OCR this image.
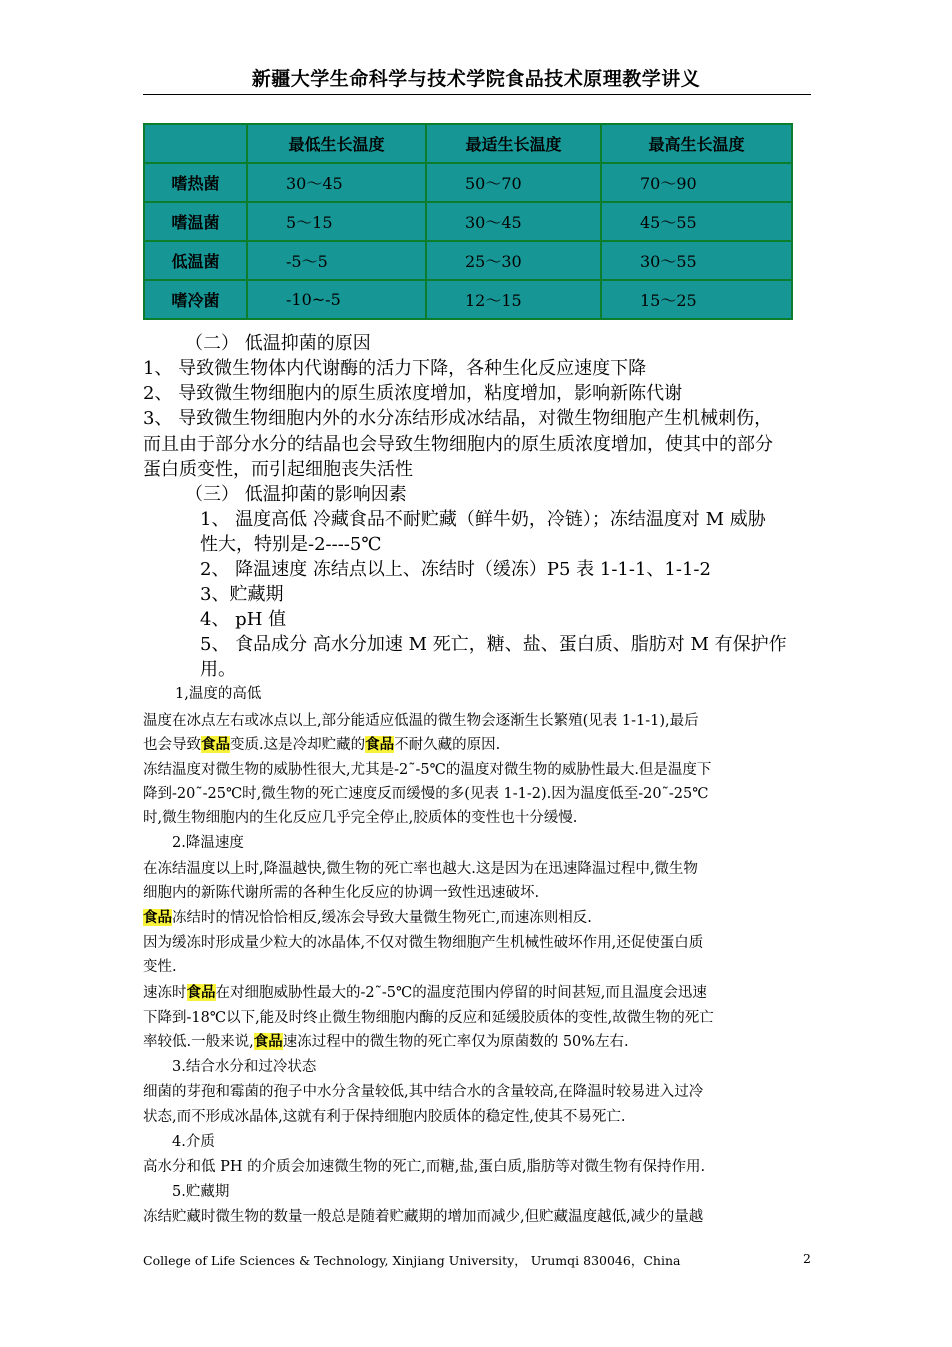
新疆大学生命科学与技术学院食品技术原理教学讲义
	最低生长温度	最适生长温度	最高生长温度
嗜热菌	30～45	50～70	70～90
嗜温菌	5～15	30～45	45～55
低温菌	-5～5	25～30	30～55
嗜冷菌	-10~-5	12～15	15～25
（二） 低温抑菌的原因
1、 导致微生物体内代谢酶的活力下降，各种生化反应速度下降
2、 导致微生物细胞内的原生质浓度增加，粘度增加，影响新陈代谢
3、 导致微生物细胞内外的水分冻结形成冰结晶，对微生物细胞产生机械刺伤，
而且由于部分水分的结晶也会导致生物细胞内的原生质浓度增加，使其中的部分
蛋白质变性，而引起细胞丧失活性
（三） 低温抑菌的影响因素
1、 温度高低 冷藏食品不耐贮藏（鲜牛奶，冷链）；冻结温度对 M 威胁
性大，特别是-2----5℃
2、 降温速度 冻结点以上、冻结时（缓冻）P5 表 1-1-1、1-1-2
3、贮藏期
4、 pH 值
5、 食品成分 高水分加速 M 死亡，糖、盐、蛋白质、脂肪对 M 有保护作
用。
1,温度的高低
温度在冰点左右或冰点以上,部分能适应低温的微生物会逐渐生长繁殖(见表 1-1-1),最后
也会导致食品变质.这是冷却贮藏的食品不耐久藏的原因.
冻结温度对微生物的威胁性很大,尤其是-2˜-5℃的温度对微生物的威胁性最大.但是温度下
降到-20˜-25℃时,微生物的死亡速度反而缓慢的多(见表 1-1-2).因为温度低至-20˜-25℃
时,微生物细胞内的生化反应几乎完全停止,胶质体的变性也十分缓慢.
2.降温速度
在冻结温度以上时,降温越快,微生物的死亡率也越大.这是因为在迅速降温过程中,微生物
细胞内的新陈代谢所需的各种生化反应的协调一致性迅速破坏.
食品冻结时的情况恰恰相反,缓冻会导致大量微生物死亡,而速冻则相反.
因为缓冻时形成量少粒大的冰晶体,不仅对微生物细胞产生机械性破坏作用,还促使蛋白质
变性.
速冻时食品在对细胞威胁性最大的-2˜-5℃的温度范围内停留的时间甚短,而且温度会迅速
下降到-18℃以下,能及时终止微生物细胞内酶的反应和延缓胶质体的变性,故微生物的死亡
率较低.一般来说,食品速冻过程中的微生物的死亡率仅为原菌数的 50%左右.
3.结合水分和过冷状态
细菌的芽孢和霉菌的孢子中水分含量较低,其中结合水的含量较高,在降温时较易进入过冷
状态,而不形成冰晶体,这就有利于保持细胞内胶质体的稳定性,使其不易死亡.
4.介质
高水分和低 PH 的介质会加速微生物的死亡,而糖,盐,蛋白质,脂肪等对微生物有保持作用.
5.贮藏期
冻结贮藏时微生物的数量一般总是随着贮藏期的增加而减少,但贮藏温度越低,减少的量越
College of Life Sciences & Technology, Xinjiang University， Urumqi 830046，China	2
